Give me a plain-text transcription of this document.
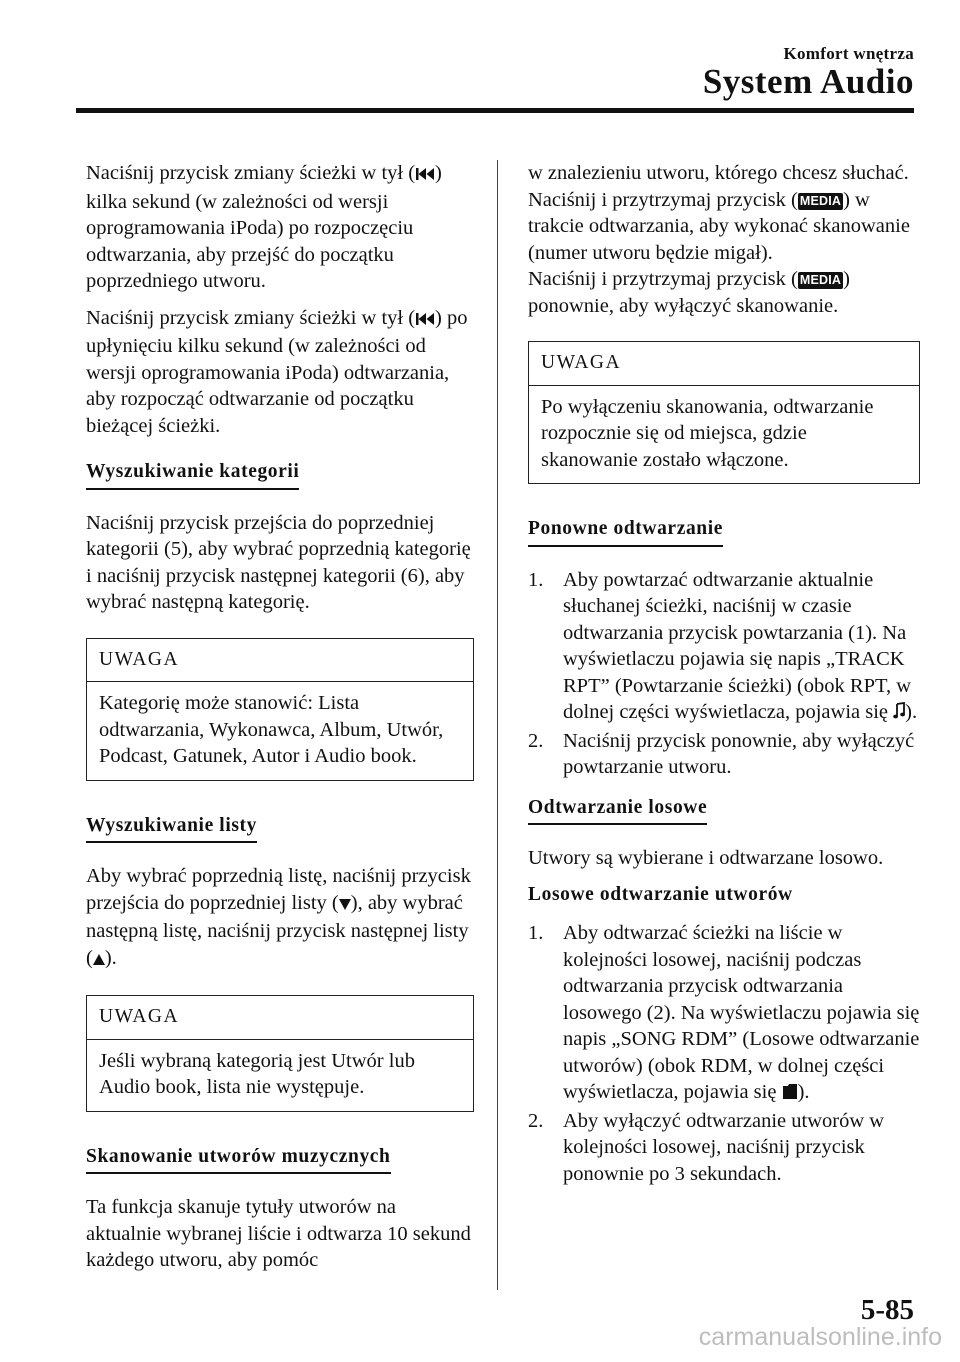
Komfort wnętrza
System Audio

Naciśnij przycisk zmiany ścieżki w tył ( ) kilka sekund (w zależności od wersji oprogramowania iPoda) po rozpoczęciu odtwarzania, aby przejść do początku poprzedniego utworu.

Naciśnij przycisk zmiany ścieżki w tył ( ) po upłynięciu kilku sekund (w zależności od wersji oprogramowania iPoda) odtwarzania, aby rozpocząć odtwarzanie od początku bieżącej ścieżki.

Wyszukiwanie kategorii

Naciśnij przycisk przejścia do poprzedniej kategorii (5), aby wybrać poprzednią kategorię i naciśnij przycisk następnej kategorii (6), aby wybrać następną kategorię.

UWAGA
Kategorię może stanowić: Lista odtwarzania, Wykonawca, Album, Utwór, Podcast, Gatunek, Autor i Audio book.
Wyszukiwanie listy

Aby wybrać poprzednią listę, naciśnij przycisk przejścia do poprzedniej listy ( ), aby wybrać następną listę, naciśnij przycisk następnej listy ( ).

UWAGA
Jeśli wybraną kategorią jest Utwór lub Audio book, lista nie występuje.
Skanowanie utworów muzycznych

Ta funkcja skanuje tytuły utworów na aktualnie wybranej liście i odtwarza 10 sekund każdego utworu, aby pomóc

w znalezieniu utworu, którego chcesz słuchać.

Naciśnij i przytrzymaj przycisk ( MEDIA) w trakcie odtwarzania, aby wykonać skanowanie (numer utworu będzie migał).

Naciśnij i przytrzymaj przycisk ( MEDIA) ponownie, aby wyłączyć skanowanie.

UWAGA
Po wyłączeniu skanowania, odtwarzanie rozpocznie się od miejsca, gdzie skanowanie zostało włączone.
Ponowne odtwarzanie
1. Aby powtarzać odtwarzanie aktualnie słuchanej ścieżki, naciśnij w czasie odtwarzania przycisk powtarzania (1). Na wyświetlaczu pojawia się napis „TRACK RPT” (Powtarzanie ścieżki) (obok RPT, w dolnej części wyświetlacza, pojawia się ).
2. Naciśnij przycisk ponownie, aby wyłączyć powtarzanie utworu.
Odtwarzanie losowe

Utwory są wybierane i odtwarzane losowo.

Losowe odtwarzanie utworów
1. Aby odtwarzać ścieżki na liście w kolejności losowej, naciśnij podczas odtwarzania przycisk odtwarzania losowego (2). Na wyświetlaczu pojawia się napis „SONG RDM” (Losowe odtwarzanie utworów) (obok RDM, w dolnej części wyświetlacza, pojawia się ).
2. Aby wyłączyć odtwarzanie utworów w kolejności losowej, naciśnij przycisk ponownie po 3 sekundach.
5-85
carmanualsonline.info
